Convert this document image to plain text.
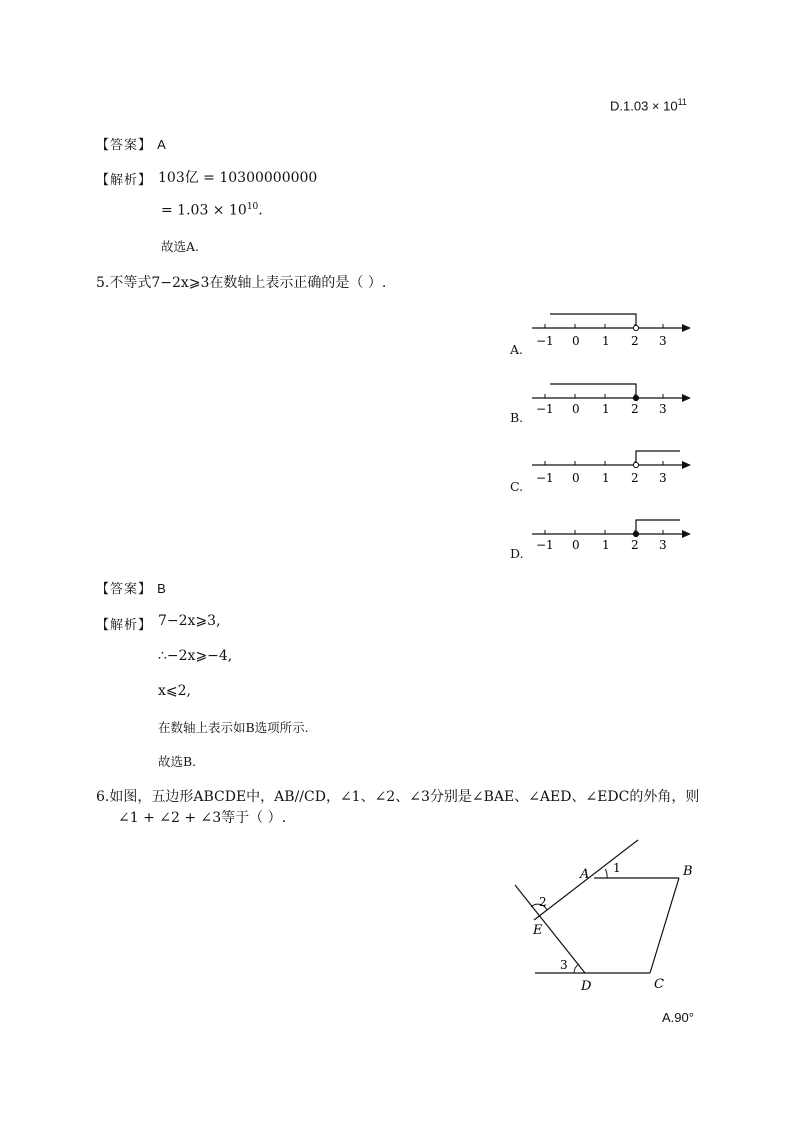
$D.1.03 \times 10^{11}$
【答案】 A
【解析】 103亿 = 10300000000
= $1.03 \times 10^{10}$.
故选A.
5.不等式7−2x⩾3在数轴上表示正确的是（ ）.
A.
−1 0 1 2 3
B.
−1 0 1 2 3
C.
−1 0 1 2 3
D.
−1 0 1 2 3
【答案】 B
【解析】 7−2x⩾3,
∴−2x⩾−4,
x⩽2,
在数轴上表示如B选项所示.
故选B.
6.如图，五边形ABCDE中，AB//CD，∠1、∠2、∠3分别是∠BAE、∠AED、∠EDC的外角，则
∠1 + ∠2 + ∠3等于（ ）.
A	B
C
D
E
1
2
3
A.90°
